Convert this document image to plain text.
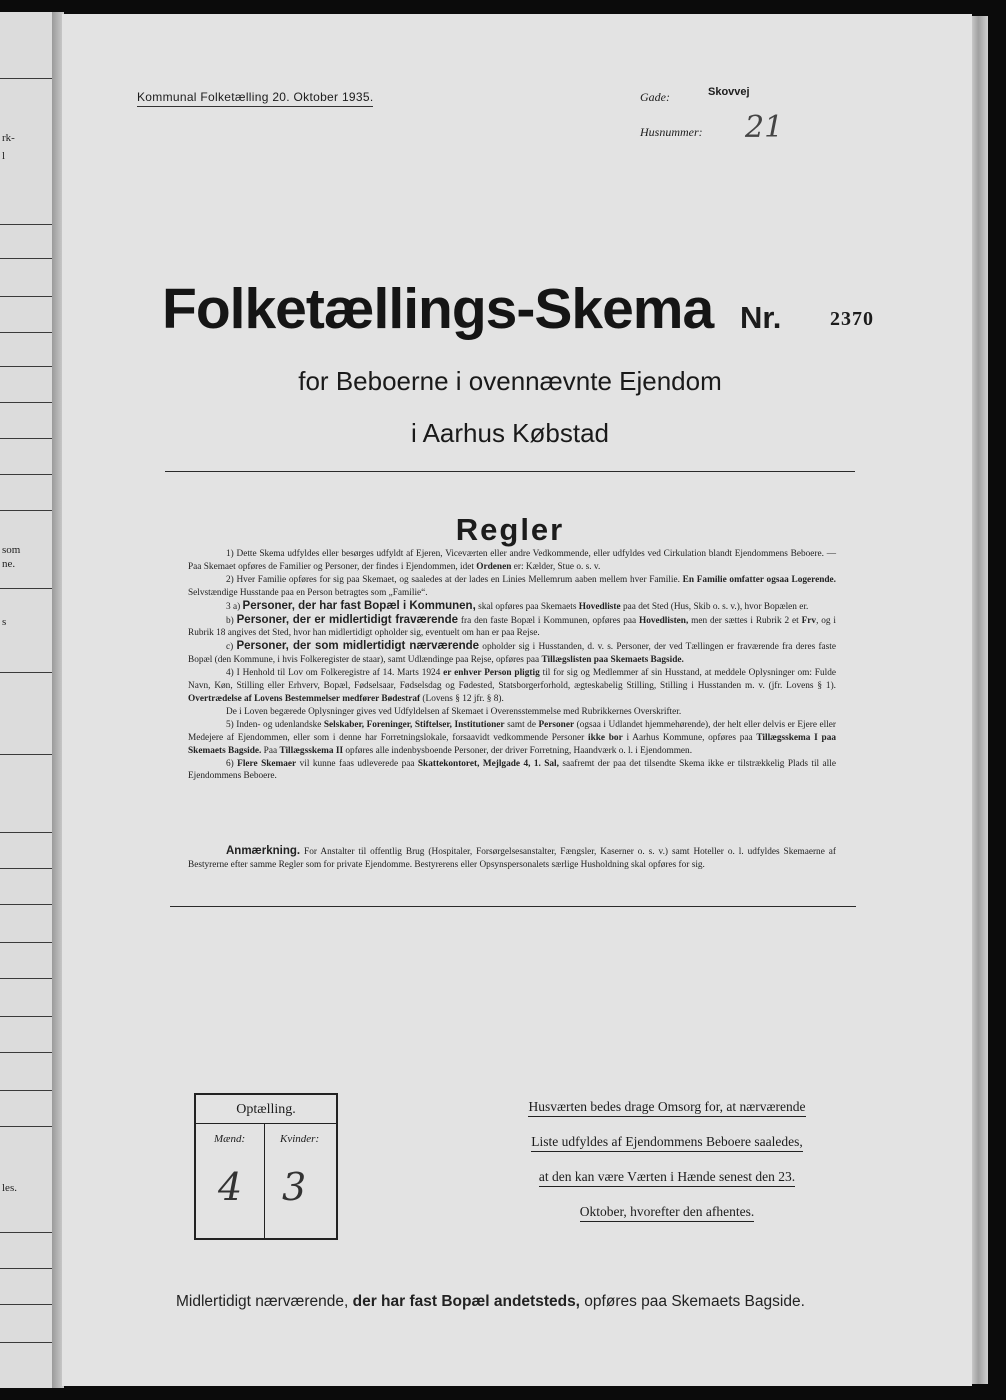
rk-
l
som
ne.
s
les.
Kommunal Folketælling 20. Oktober 1935.	Gade:	Skovvej
Husnummer: 21
Folketællings-Skema Nr. 2370
for Beboerne i ovennævnte Ejendom
i Aarhus Købstad
Regler

1) Dette Skema udfyldes eller besørges udfyldt af Ejeren, Viceværten eller andre Vedkommende, eller udfyldes ved Cirkulation blandt Ejendommens Beboere. — Paa Skemaet opføres de Familier og Personer, der findes i Ejendommen, idet Ordenen er: Kælder, Stue o. s. v.

2) Hver Familie opføres for sig paa Skemaet, og saaledes at der lades en Linies Mellemrum aaben mellem hver Familie. En Familie omfatter ogsaa Logerende. Selvstændige Husstande paa en Person betragtes som „Familie“.

3 a) Personer, der har fast Bopæl i Kommunen, skal opføres paa Skemaets Hovedliste paa det Sted (Hus, Skib o. s. v.), hvor Bopælen er.

b) Personer, der er midlertidigt fraværende fra den faste Bopæl i Kommunen, opføres paa Hovedlisten, men der sættes i Rubrik 2 et Frv, og i Rubrik 18 angives det Sted, hvor han midlertidigt opholder sig, eventuelt om han er paa Rejse.

c) Personer, der som midlertidigt nærværende opholder sig i Husstanden, d. v. s. Personer, der ved Tællingen er fraværende fra deres faste Bopæl (den Kommune, i hvis Folkeregister de staar), samt Udlændinge paa Rejse, opføres paa Tillægslisten paa Skemaets Bagside.

4) I Henhold til Lov om Folkeregistre af 14. Marts 1924 er enhver Person pligtig til for sig og Medlemmer af sin Husstand, at meddele Oplysninger om: Fulde Navn, Køn, Stilling eller Erhverv, Bopæl, Fødselsaar, Fødselsdag og Fødested, Statsborgerforhold, ægteskabelig Stilling, Stilling i Husstanden m. v. (jfr. Lovens § 1). Overtrædelse af Lovens Bestemmelser medfører Bødestraf (Lovens § 12 jfr. § 8).

De i Loven begærede Oplysninger gives ved Udfyldelsen af Skemaet i Overensstemmelse med Rubrikkernes Overskrifter.

5) Inden- og udenlandske Selskaber, Foreninger, Stiftelser, Institutioner samt de Personer (ogsaa i Udlandet hjemmehørende), der helt eller delvis er Ejere eller Medejere af Ejendommen, eller som i denne har Forretningslokale, forsaavidt vedkommende Personer ikke bor i Aarhus Kommune, opføres paa Tillægsskema I paa Skemaets Bagside. Paa Tillægsskema II opføres alle indenbysboende Personer, der driver Forretning, Haandværk o. l. i Ejendommen.

6) Flere Skemaer vil kunne faas udleverede paa Skattekontoret, Mejlgade 4, 1. Sal, saafremt der paa det tilsendte Skema ikke er tilstrækkelig Plads til alle Ejendommens Beboere.

Anmærkning. For Anstalter til offentlig Brug (Hospitaler, Forsørgelsesanstalter, Fængsler, Kaserner o. s. v.) samt Hoteller o. l. udfyldes Skemaerne af Bestyrerne efter samme Regler som for private Ejendomme. Bestyrerens eller Opsynspersonalets særlige Husholdning skal opføres for sig.

Optælling.
Mænd:	Kvinder:
4 3
Husværten bedes drage Omsorg for, at nærværende
Liste udfyldes af Ejendommens Beboere saaledes,
at den kan være Værten i Hænde senest den 23.
Oktober, hvorefter den afhentes.
Midlertidigt nærværende, der har fast Bopæl andetsteds, opføres paa Skemaets Bagside.
